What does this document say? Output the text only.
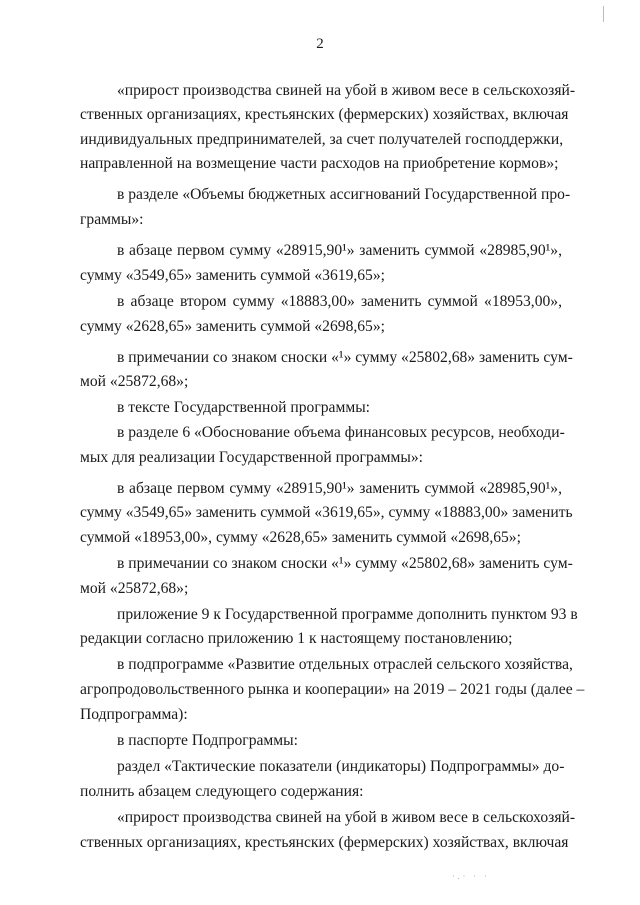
2
«прирост производства свиней на убой в живом весе в сельскохозяй-
ственных организациях, крестьянских (фермерских) хозяйствах, включая
индивидуальных предпринимателей, за счет получателей господдержки,
направленной на возмещение части расходов на приобретение кормов»;
в разделе «Объемы бюджетных ассигнований Государственной про-
граммы»:
в абзаце первом сумму «28915,90¹» заменить суммой «28985,90¹»,
сумму «3549,65» заменить суммой «3619,65»;
в абзаце втором сумму «18883,00» заменить суммой «18953,00»,
сумму «2628,65» заменить суммой «2698,65»;
в примечании со знаком сноски «¹» сумму «25802,68» заменить сум-
мой «25872,68»;
в тексте Государственной программы:
в разделе 6 «Обоснование объема финансовых ресурсов, необходи-
мых для реализации Государственной программы»:
в абзаце первом сумму «28915,90¹» заменить суммой «28985,90¹»,
сумму «3549,65» заменить суммой «3619,65», сумму «18883,00» заменить
суммой «18953,00», сумму «2628,65» заменить суммой «2698,65»;
в примечании со знаком сноски «¹» сумму «25802,68» заменить сум-
мой «25872,68»;
приложение 9 к Государственной программе дополнить пунктом 93 в
редакции согласно приложению 1 к настоящему постановлению;
в подпрограмме «Развитие отдельных отраслей сельского хозяйства,
агропродовольственного рынка и кооперации» на 2019 – 2021 годы (далее –
Подпрограмма):
в паспорте Подпрограммы:
раздел «Тактические показатели (индикаторы) Подпрограммы» до-
полнить абзацем следующего содержания:
«прирост производства свиней на убой в живом весе в сельскохозяй-
ственных организациях, крестьянских (фермерских) хозяйствах, включая
·.· · ·
